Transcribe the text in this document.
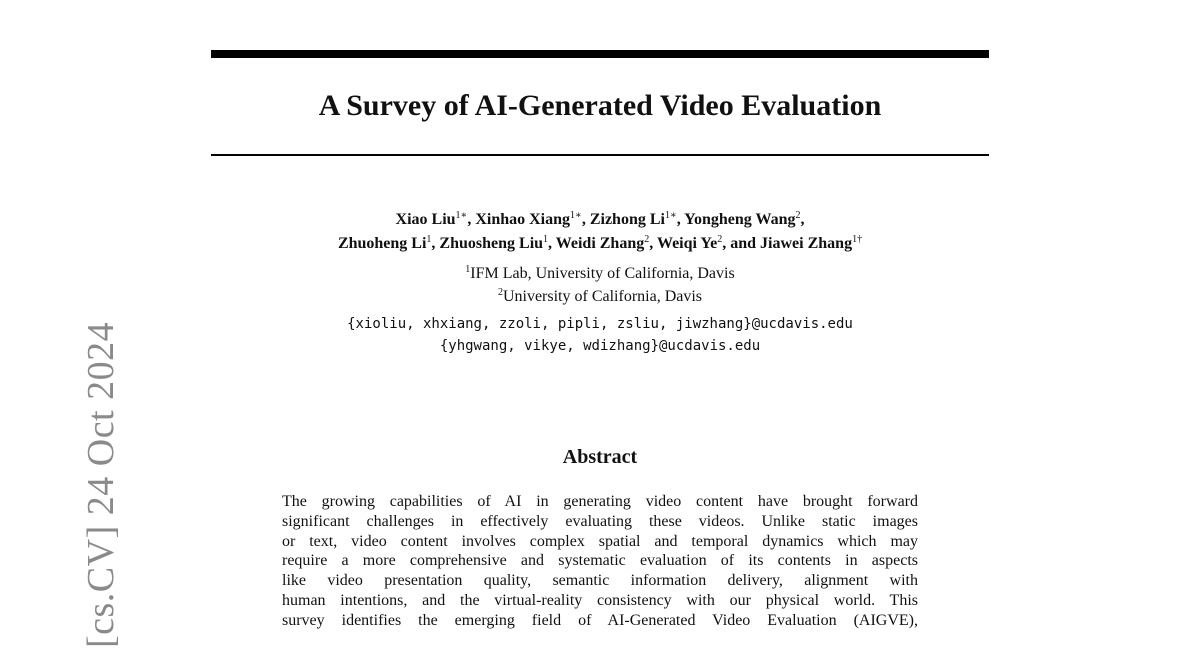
[cs.CV] 24 Oct 2024
A Survey of AI-Generated Video Evaluation
Xiao Liu$^{1∗}$, Xinhao Xiang$^{1∗}$, Zizhong $Li^{1∗}$, Yongheng Wang$^2$,
Zhuoheng Li$^1$, Zhuosheng Liu$^1$, Weidi Zhang$^2$, Weiqi Ye$^2$, and Jiawei Zhang$^{1\dagger}$
$^1$IFM Lab, University of California, Davis
$^2$University of California, Davis
{xioliu, xhxiang, zzoli, pipli, zsliu, jiwzhang}@ucdavis.edu
{yhgwang, vikye, wdizhang}@ucdavis.edu
Abstract

The growing capabilities of AI in generating video content have brought forward
significant challenges in effectively evaluating these videos. Unlike static images
or text, video content involves complex spatial and temporal dynamics which may
require a more comprehensive and systematic evaluation of its contents in aspects
like video presentation quality, semantic information delivery, alignment with
human intentions, and the virtual-reality consistency with our physical world. This
survey identifies the emerging field of AI-Generated Video Evaluation (AIGVE),
